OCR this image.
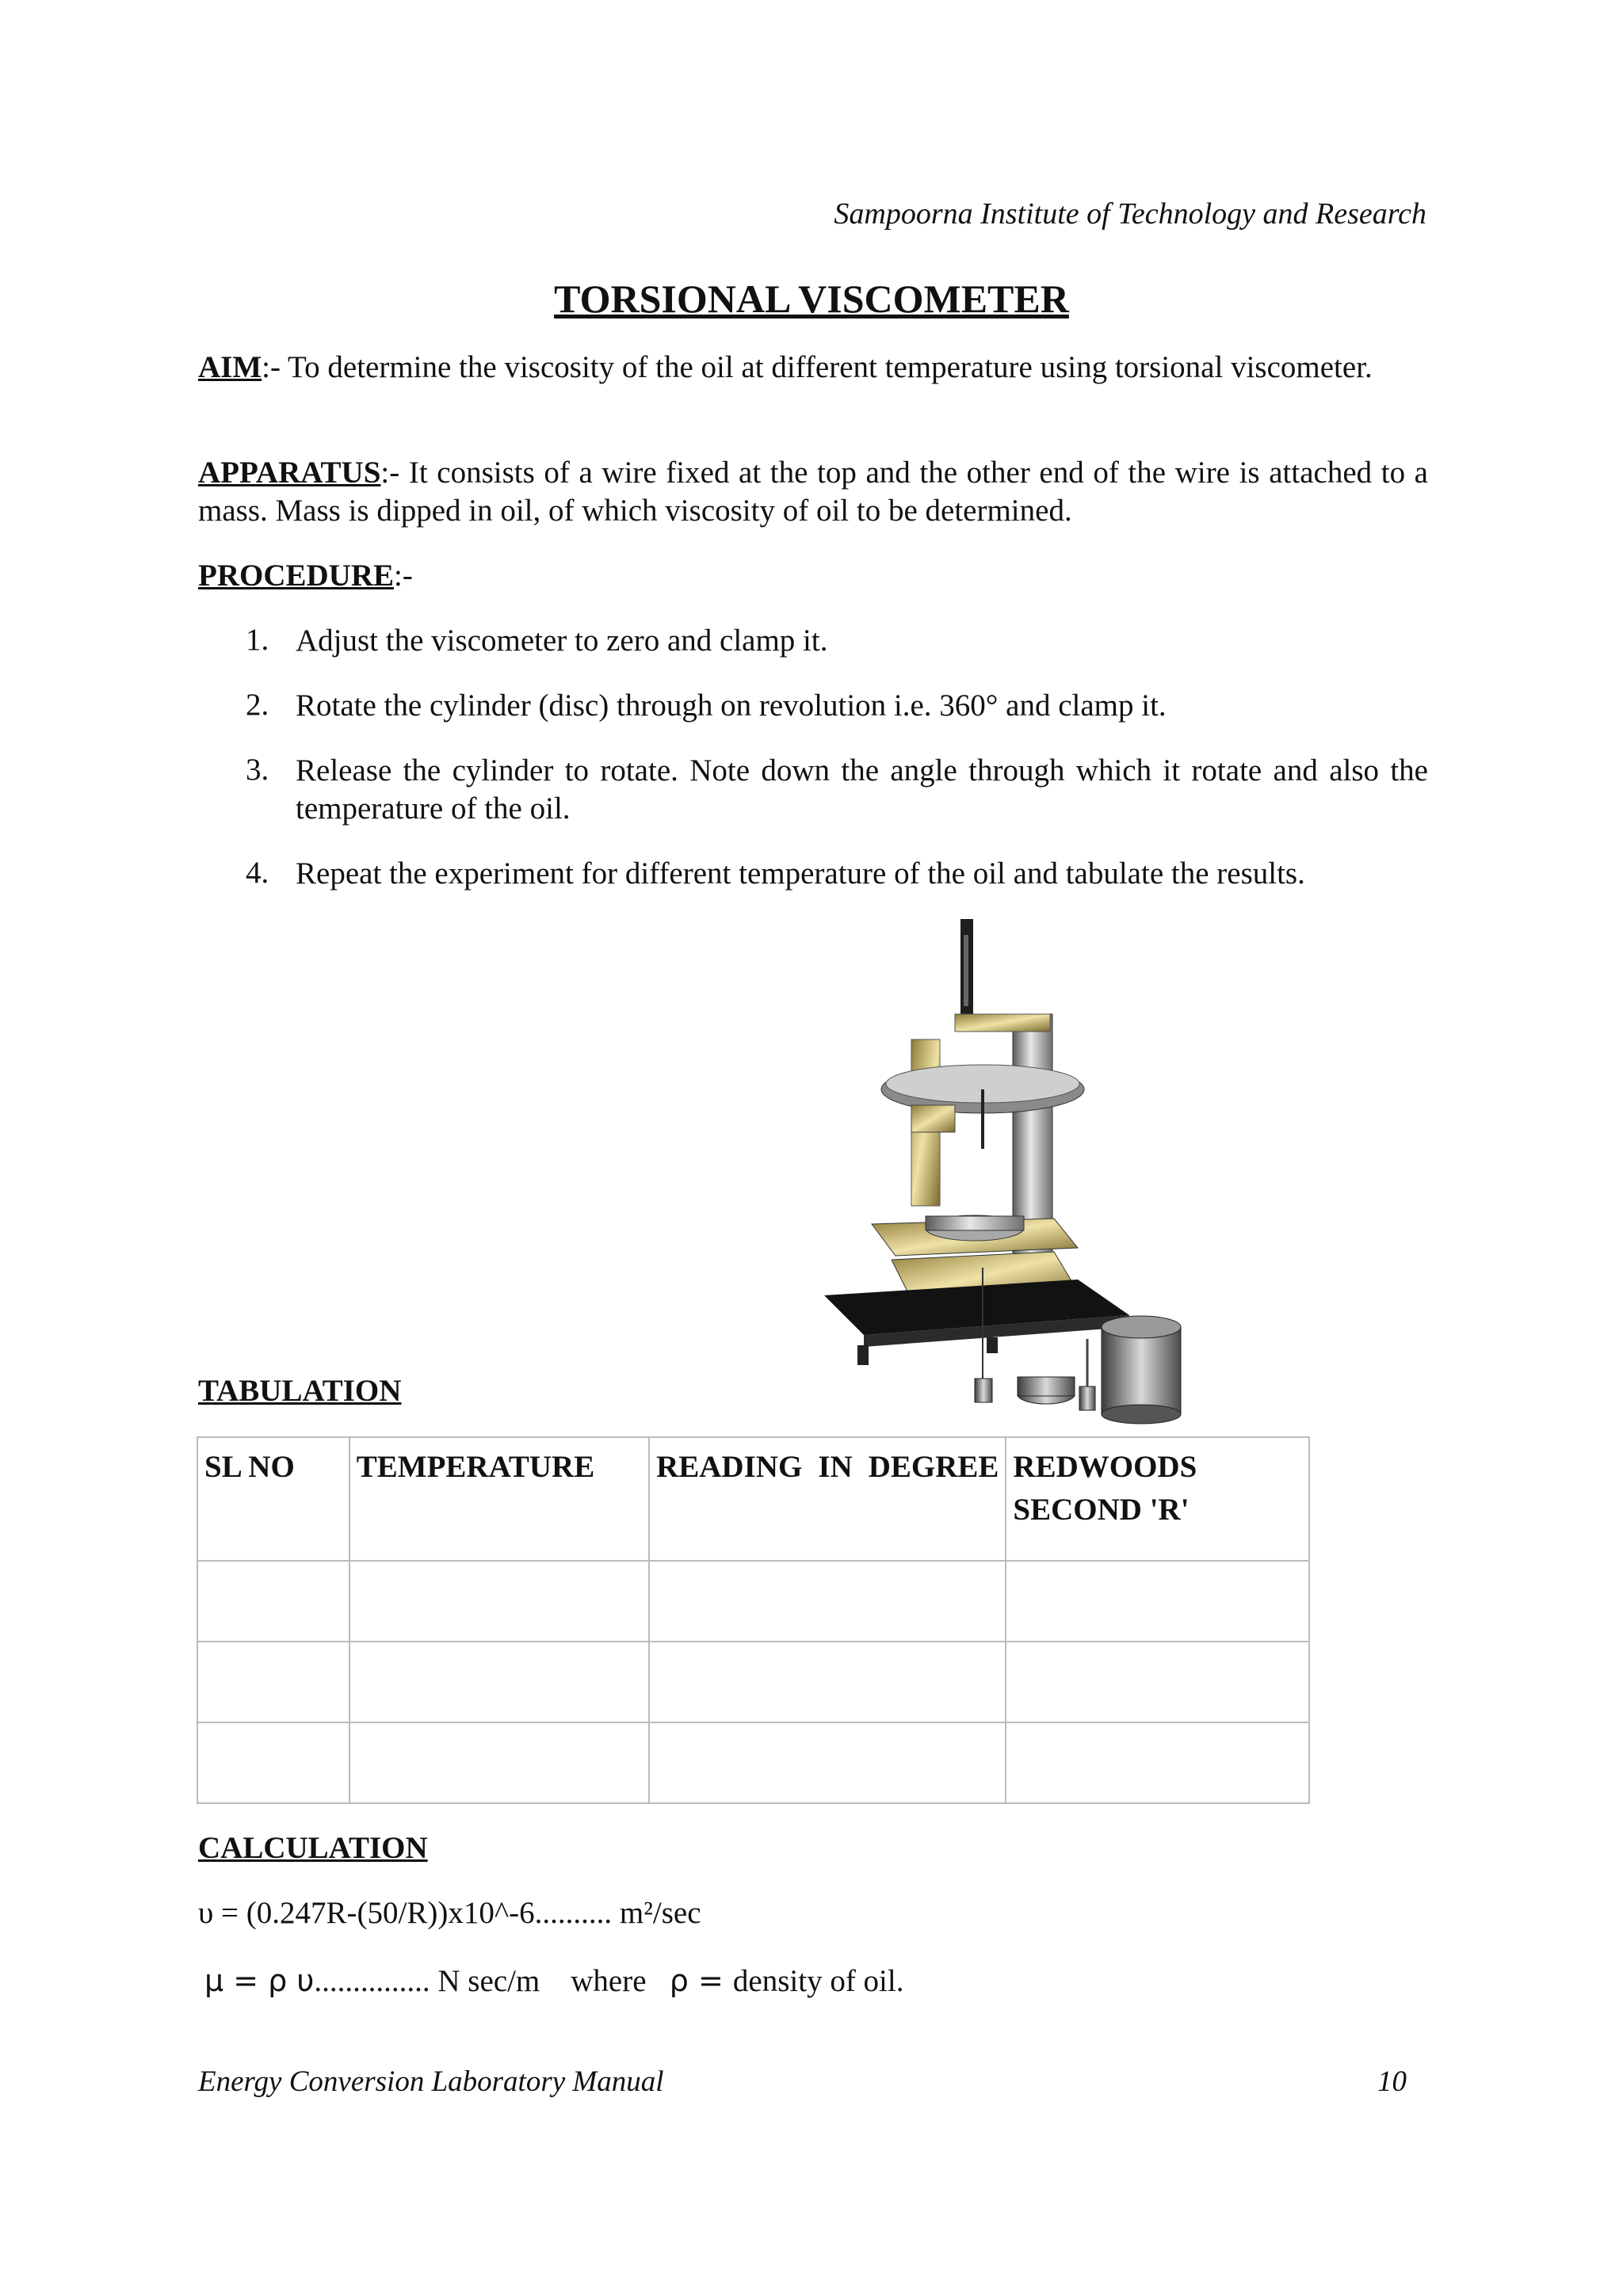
Sampoorna Institute of Technology and Research
TORSIONAL VISCOMETER
AIM:- To determine the viscosity of the oil at different temperature using torsional viscometer.
APPARATUS:- It consists of a wire fixed at the top and the other end of the wire is attached to a mass. Mass is dipped in oil, of which viscosity of oil to be determined.
PROCEDURE:-
1. Adjust the viscometer to zero and clamp it.
2. Rotate the cylinder (disc) through on revolution i.e. 360° and clamp it.
3. Release the cylinder to rotate. Note down the angle through which it rotate and also the temperature of the oil.
4. Repeat the experiment for different temperature of the oil and tabulate the results.
TABULATION
SL NO	TEMPERATURE	READING IN DEGREE	REDWOODS SECOND 'R'

CALCULATION
υ = (0.247R-(50/R))x10^-6.......... m²/sec
μ = ρ υ............... N sec/m    where   ρ = density of oil.
Energy Conversion Laboratory Manual	10
